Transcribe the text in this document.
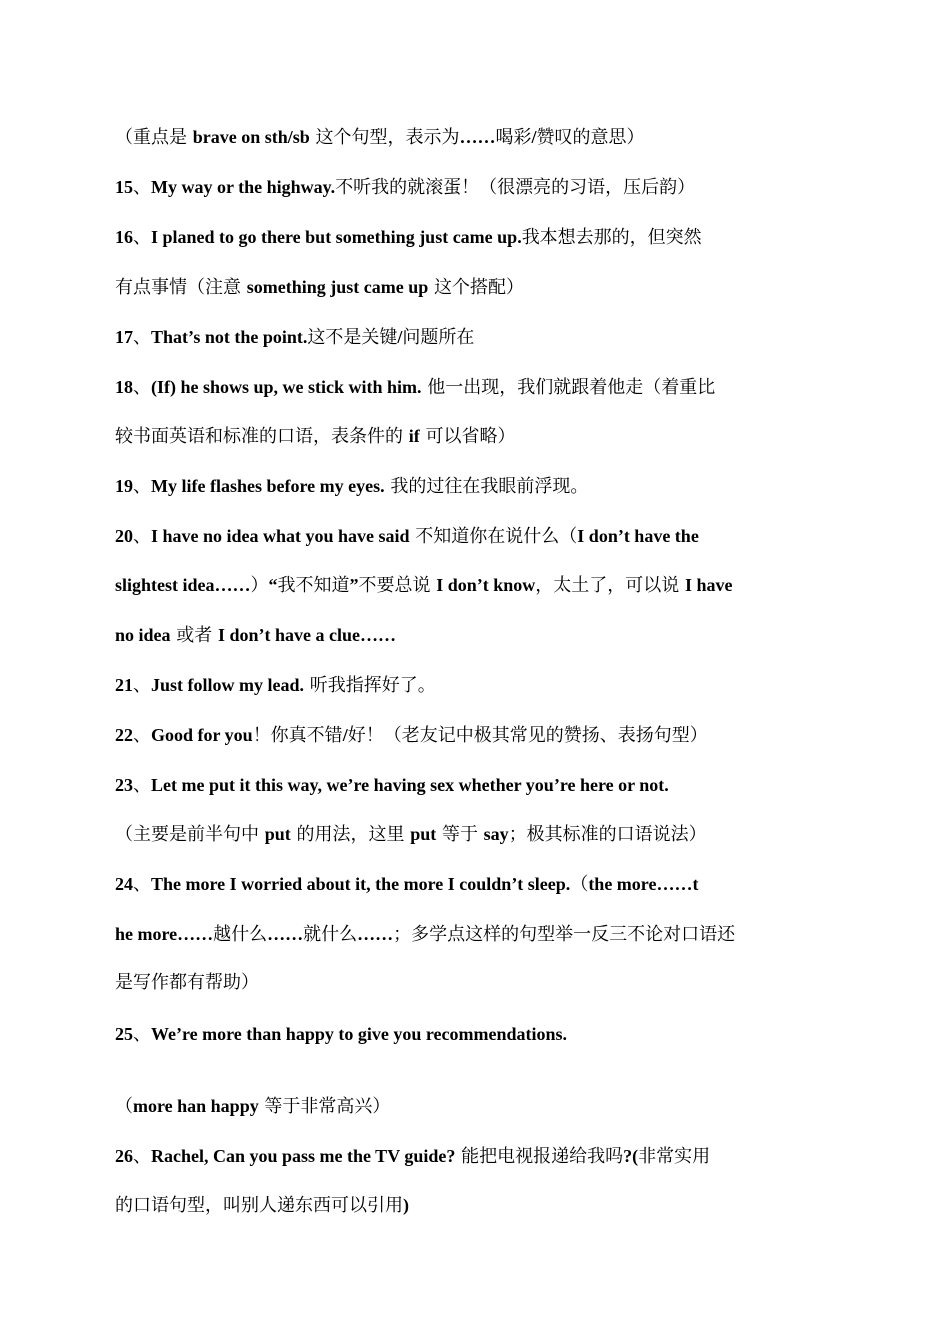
（重点是 brave on sth/sb 这个句型，表示为……喝彩/赞叹的意思）
15、My way or the highway.不听我的就滚蛋！（很漂亮的习语，压后韵）
16、I planed to go there but something just came up.我本想去那的，但突然
有点事情（注意 something just came up 这个搭配）
17、That’s not the point.这不是关键/问题所在
18、(If) he shows up, we stick with him. 他一出现，我们就跟着他走（着重比
较书面英语和标准的口语，表条件的 if 可以省略）
19、My life flashes before my eyes. 我的过往在我眼前浮现。
20、I have no idea what you have said 不知道你在说什么（I don’t have the
slightest idea……）“我不知道”不要总说 I don’t know，太土了，可以说 I have
no idea 或者 I don’t have a clue……
21、Just follow my lead. 听我指挥好了。
22、Good for you！你真不错/好！（老友记中极其常见的赞扬、表扬句型）
23、Let me put it this way, we’re having sex whether you’re here or not.
（主要是前半句中 put 的用法，这里 put 等于 say；极其标准的口语说法）
24、The more I worried about it, the more I couldn’t sleep.（the more……t
he more……越什么……就什么……；多学点这样的句型举一反三不论对口语还
是写作都有帮助）
25、We’re more than happy to give you recommendations.
（more han happy 等于非常高兴）
26、Rachel, Can you pass me the TV guide? 能把电视报递给我吗?(非常实用
的口语句型，叫别人递东西可以引用)
